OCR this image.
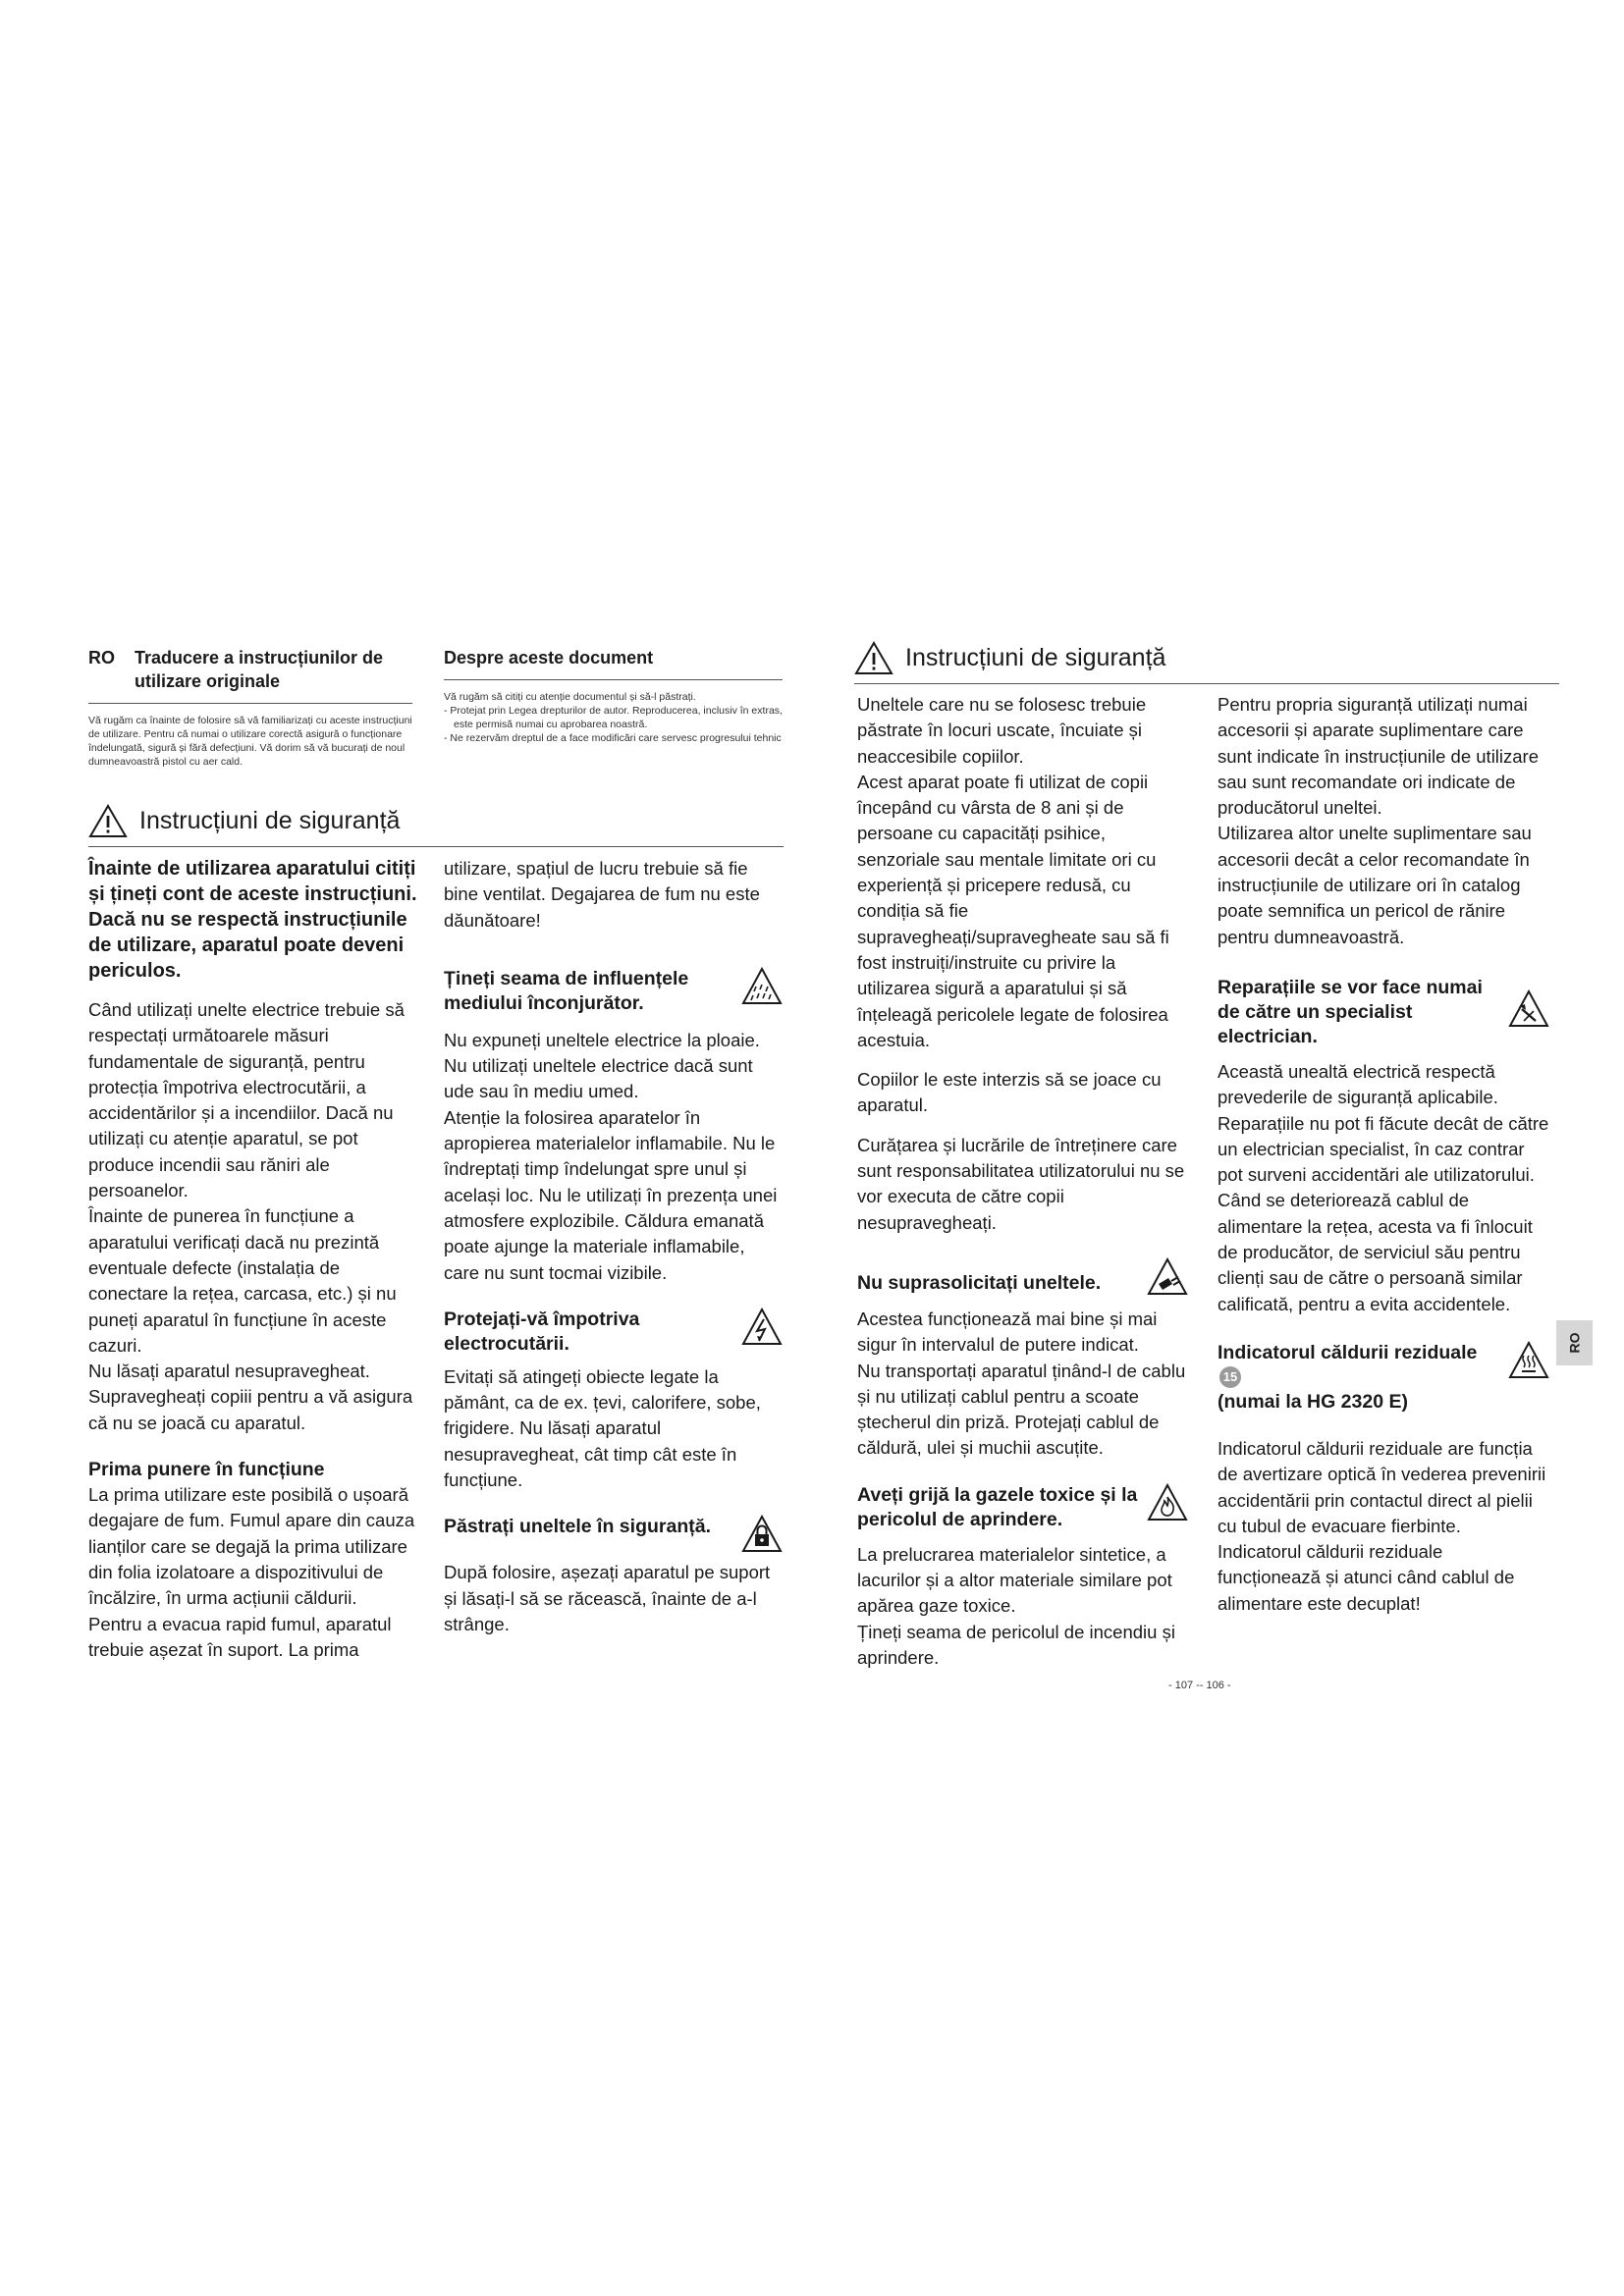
RO	Traducere a instrucțiunilor de utilizare originale

Vă rugăm ca înainte de folosire să vă familiarizați cu aceste instrucțiuni de utilizare. Pentru că numai o utilizare corectă asigură o funcționare îndelungată, sigură și fără defecțiuni. Vă dorim să vă bucurați de noul dumneavoastră pistol cu aer cald.

Despre aceste document

Vă rugăm să citiți cu atenție documentul și să-l păstrați.

- Protejat prin Legea drepturilor de autor. Reproducerea, inclusiv în extras, este permisă numai cu aprobarea noastră.
- Ne rezervăm dreptul de a face modificări care servesc progresului tehnic
Instrucțiuni de siguranță

Înainte de utilizarea aparatului citiți și țineți cont de aceste instrucțiuni. Dacă nu se respectă instrucțiunile de utilizare, aparatul poate deveni periculos.

Când utilizați unelte electrice trebuie să respectați următoarele măsuri fundamentale de siguranță, pentru protecția împotriva electrocutării, a accidentărilor și a incendiilor. Dacă nu utilizați cu atenție aparatul, se pot produce incendii sau răniri ale persoanelor.

Înainte de punerea în funcțiune a aparatului verificați dacă nu prezintă eventuale defecte (instalația de conectare la rețea, carcasa, etc.) și nu puneți aparatul în funcțiune în aceste cazuri.

Nu lăsați aparatul nesupravegheat. Supravegheați copiii pentru a vă asigura că nu se joacă cu aparatul.

Prima punere în funcțiune

La prima utilizare este posibilă o ușoară degajare de fum. Fumul apare din cauza lianților care se degajă la prima utilizare din folia izolatoare a dispozitivului de încălzire, în urma acțiunii căldurii.

Pentru a evacua rapid fumul, aparatul trebuie așezat în suport. La prima

utilizare, spațiul de lucru trebuie să fie bine ventilat. Degajarea de fum nu este dăunătoare!

Țineți seama de influențele mediului înconjurător.

Nu expuneți uneltele electrice la ploaie. Nu utilizați uneltele electrice dacă sunt ude sau în mediu umed.

Atenție la folosirea aparatelor în apropierea materialelor inflamabile. Nu le îndreptați timp îndelungat spre unul și același loc. Nu le utilizați în prezența unei atmosfere explozibile. Căldura emanată poate ajunge la materiale inflamabile, care nu sunt tocmai vizibile.

Protejați-vă împotriva electrocutării.

Evitați să atingeți obiecte legate la pământ, ca de ex. țevi, calorifere, sobe, frigidere. Nu lăsați aparatul nesupravegheat, cât timp cât este în funcțiune.

Păstrați uneltele în siguranță.

După folosire, așezați aparatul pe suport și lăsați-l să se răcească, înainte de a-l strânge.

Instrucțiuni de siguranță

Uneltele care nu se folosesc trebuie păstrate în locuri uscate, încuiate și neaccesibile copiilor.

Acest aparat poate fi utilizat de copii începând cu vârsta de 8 ani și de persoane cu capacități psihice, senzoriale sau mentale limitate ori cu experiență și pricepere redusă, cu condiția să fie supravegheați/supravegheate sau să fi fost instruiți/instruite cu privire la utilizarea sigură a aparatului și să înțeleagă pericolele legate de folosirea acestuia.

Copiilor le este interzis să se joace cu aparatul.

Curățarea și lucrările de întreținere care sunt responsabilitatea utilizatorului nu se vor executa de către copii nesupravegheați.

Nu suprasolicitați uneltele.

Acestea funcționează mai bine și mai sigur în intervalul de putere indicat.

Nu transportați aparatul ținând-l de cablu și nu utilizați cablul pentru a scoate ștecherul din priză. Protejați cablul de căldură, ulei și muchii ascuțite.

Aveți grijă la gazele toxice și la pericolul de aprindere.

La prelucrarea materialelor sintetice, a lacurilor și a altor materiale similare pot apărea gaze toxice.

Țineți seama de pericolul de incendiu și aprindere.

Pentru propria siguranță utilizați numai accesorii și aparate suplimentare care sunt indicate în instrucțiunile de utilizare sau sunt recomandate ori indicate de producătorul uneltei.

Utilizarea altor unelte suplimentare sau accesorii decât a celor recomandate în instrucțiunile de utilizare ori în catalog poate semnifica un pericol de rănire pentru dumneavoastră.

Reparațiile se vor face numai de către un specialist electrician.

Această unealtă electrică respectă prevederile de siguranță aplicabile. Reparațiile nu pot fi făcute decât de către un electrician specialist, în caz contrar pot surveni accidentări ale utilizatorului. Când se deteriorează cablul de alimentare la rețea, acesta va fi înlocuit de producător, de serviciul său pentru clienți sau de către o persoană similar calificată, pentru a evita accidentele.

Indicatorul căldurii reziduale15
(numai la HG 2320 E)

Indicatorul căldurii reziduale are funcția de avertizare optică în vederea prevenirii accidentării prin contactul direct al pielii cu tubul de evacuare fierbinte. Indicatorul căldurii reziduale funcționează și atunci când cablul de alimentare este decuplat!

RO
- 107 -- 106 -
